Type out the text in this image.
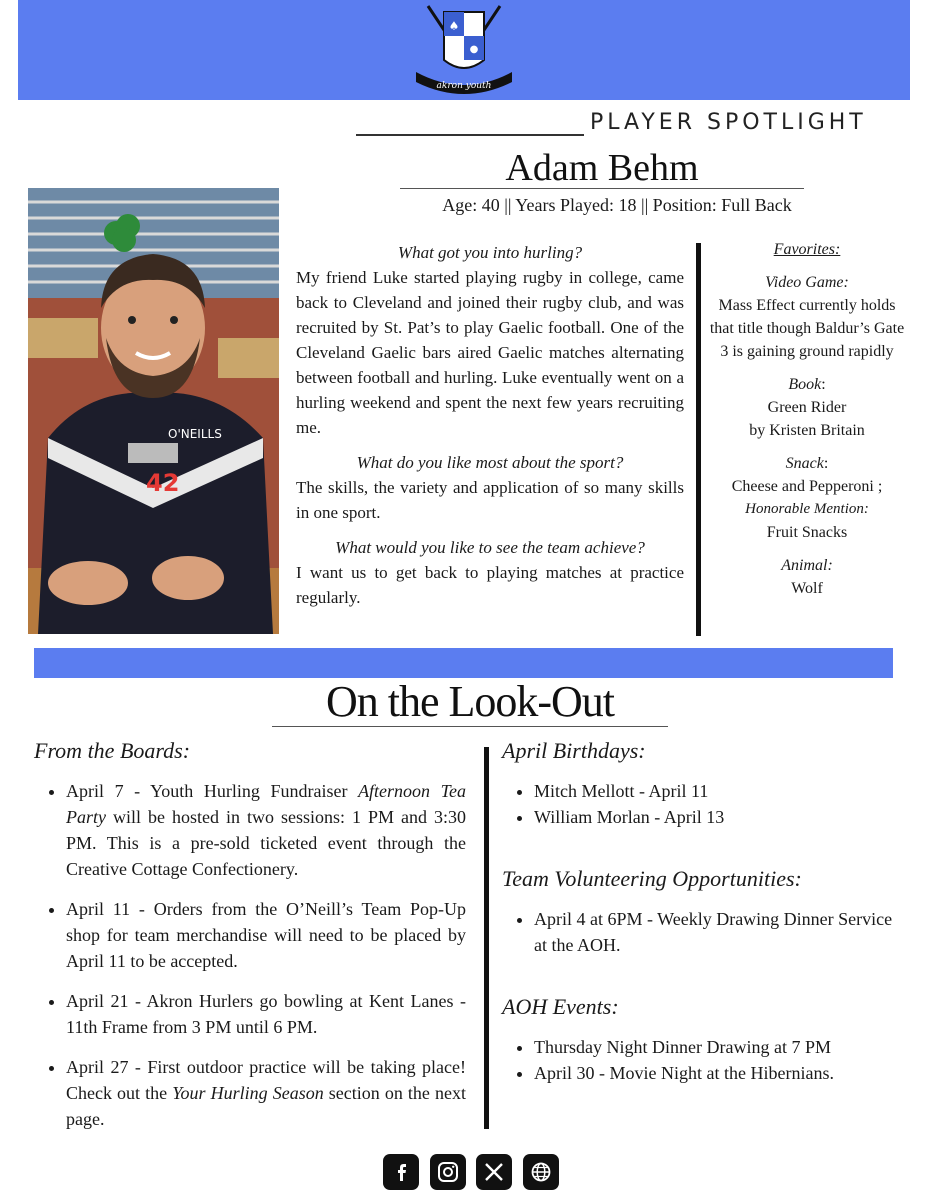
♠
●
akron youth
PLAYER SPOTLIGHT
Adam Behm
Age: 40 || Years Played: 18 || Position: Full Back
O'NEILLS
42
What got you into hurling?
My friend Luke started playing rugby in college, came back to Cleveland and joined their rugby club, and was recruited by St. Pat’s to play Gaelic football. One of the Cleveland Gaelic bars aired Gaelic matches alternating between football and hurling. Luke eventually went on a hurling weekend and spent the next few years recruiting me.
What do you like most about the sport?
The skills, the variety and application of so many skills in one sport.
What would you like to see the team achieve?
I want us to get back to playing matches at practice regularly.
Favorites:
Video Game:
Mass Effect currently holds that title though Baldur’s Gate 3 is gaining ground rapidly
Book:
Green Rider
by Kristen Britain
Snack:
Cheese and Pepperoni ;
Honorable Mention:
Fruit Snacks
Animal:
Wolf
On the Look-Out
From the Boards:
• April 7 - Youth Hurling Fundraiser Afternoon Tea Party will be hosted in two sessions: 1 PM and 3:30 PM. This is a pre-sold ticketed event through the Creative Cottage Confectionery.
• April 11 - Orders from the O’Neill’s Team Pop-Up shop for team merchandise will need to be placed by April 11 to be accepted.
• April 21 - Akron Hurlers go bowling at Kent Lanes - 11th Frame from 3 PM until 6 PM.
• April 27 - First outdoor practice will be taking place! Check out the Your Hurling Season section on the next page.
April Birthdays:
• Mitch Mellott - April 11
• William Morlan - April 13
Team Volunteering Opportunities:
• April 4 at 6PM - Weekly Drawing Dinner Service at the AOH.
AOH Events:
• Thursday Night Dinner Drawing at 7 PM
• April 30 - Movie Night at the Hibernians.
